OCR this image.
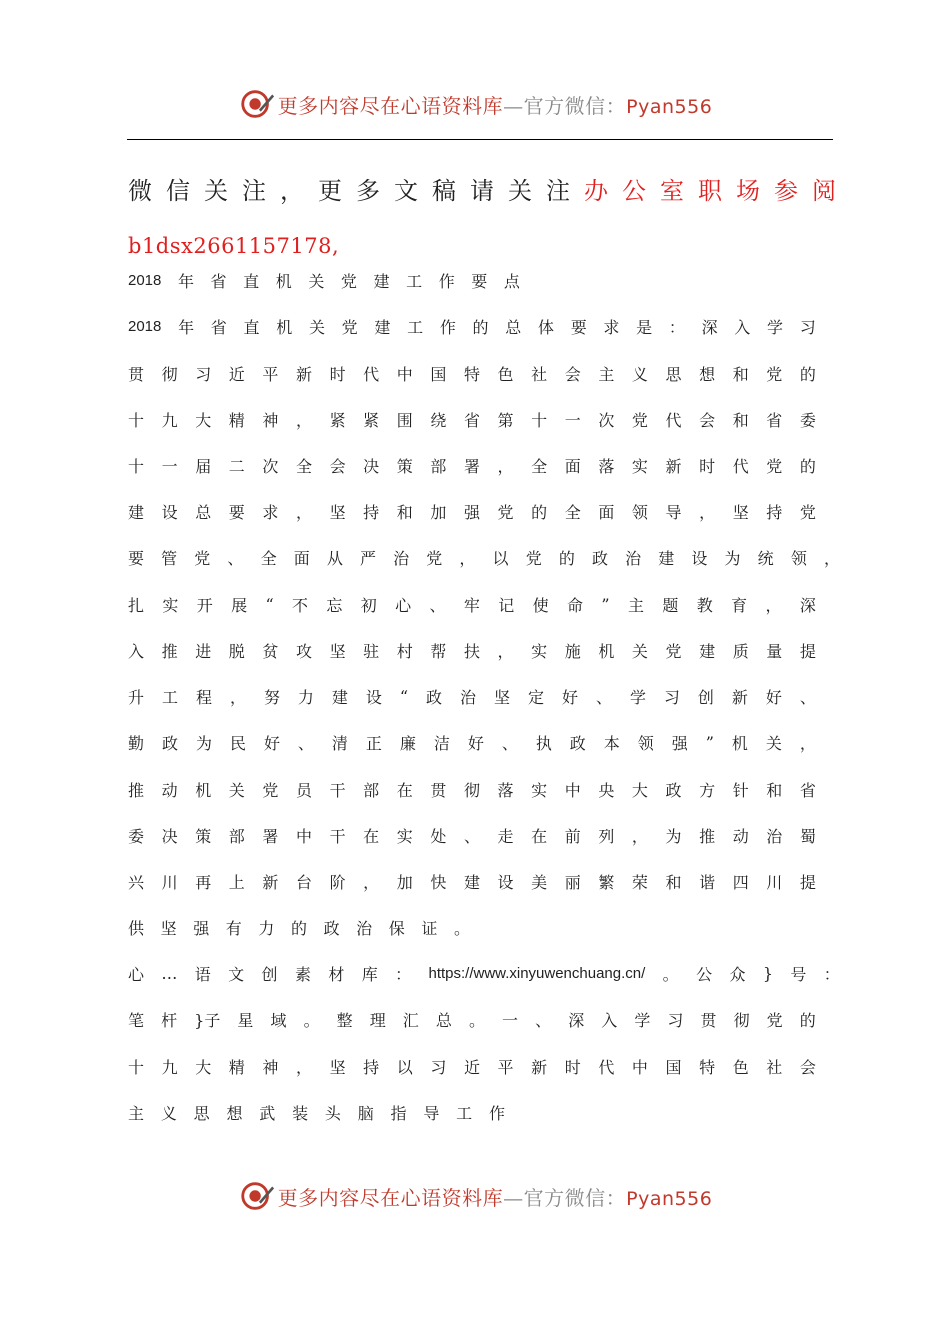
更多内容尽在心语资料库—官方微信：Pyan556
微 信 关 注 ， 更 多 文 稿 请 关 注 办 公 室 职 场 参 阅
2018 年 省 直 机 关 党 建 工 作 要 点
2018 年 省 直 机 关 党 建 工 作 的 总 体 要 求 是 ： 深 入 学 习
贯 彻 习 近 平 新 时 代 中 国 特 色 社 会 主 义 思 想 和 党 的
十 九 大 精 神 ， 紧 紧 围 绕 省 第 十 一 次 党 代 会 和 省 委
十 一 届 二 次 全 会 决 策 部 署 ， 全 面 落 实 新 时 代 党 的
建 设 总 要 求 ， 坚 持 和 加 强 党 的 全 面 领 导 ， 坚 持 党
要 管 党 、 全 面 从 严 治 党 ， 以 党 的 政 治 建 设 为 统 领 ，
扎 实 开 展 “ 不 忘 初 心 、 牢 记 使 命 ” 主 题 教 育 ， 深
入 推 进 脱 贫 攻 坚 驻 村 帮 扶 ， 实 施 机 关 党 建 质 量 提
升 工 程 ， 努 力 建 设 “ 政 治 坚 定 好 、 学 习 创 新 好 、
勤 政 为 民 好 、 清 正 廉 洁 好 、 执 政 本 领 强 ” 机 关 ，
推 动 机 关 党 员 干 部 在 贯 彻 落 实 中 央 大 政 方 针 和 省
委 决 策 部 署 中 干 在 实 处 、 走 在 前 列 ， 为 推 动 治 蜀
兴 川 再 上 新 台 阶 ， 加 快 建 设 美 丽 繁 荣 和 谐 四 川 提
供 坚 强 有 力 的 政 治 保 证 。
心 … 语 文 创 素 材 库 ： https://www.xinyuwenchuang.cn/ 。 公 众 } 号 ：
笔 杆 }子 星 域 。 整 理 汇 总 。 一 、 深 入 学 习 贯 彻 党 的
十 九 大 精 神 ， 坚 持 以 习 近 平 新 时 代 中 国 特 色 社 会
主 义 思 想 武 装 头 脑 指 导 工 作
b1dsx2661157178,
更多内容尽在心语资料库—官方微信：Pyan556
